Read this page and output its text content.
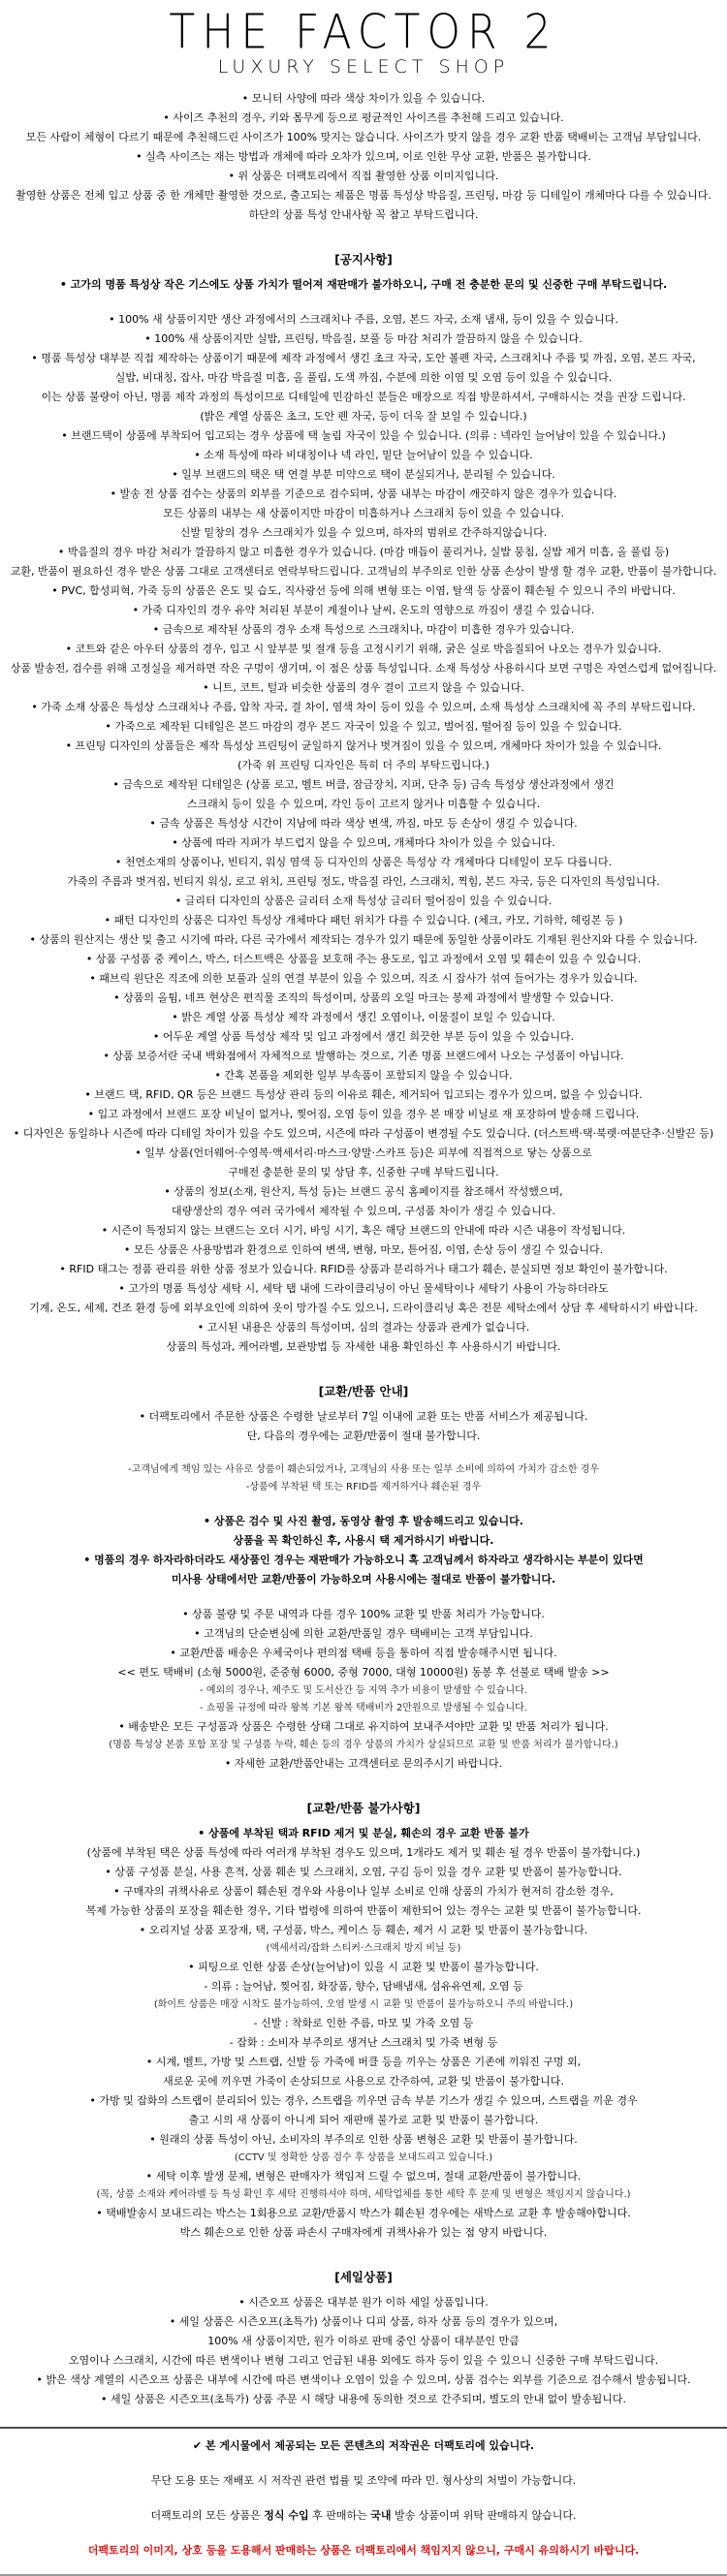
THE FACTOR 2
LUXURY SELECT SHOP
• 모니터 사양에 따라 색상 차이가 있을 수 있습니다.
• 사이즈 추천의 경우, 키와 몸무게 등으로 평균적인 사이즈를 추천해 드리고 있습니다.
모든 사람이 체형이 다르기 때문에 추천해드린 사이즈가 100% 맞지는 않습니다. 사이즈가 맞지 않을 경우 교환 반품 택배비는 고객님 부담입니다.
• 실측 사이즈는 재는 방법과 개체에 따라 오차가 있으며, 이로 인한 무상 교환, 반품은 불가합니다.
• 위 상품은 더팩토리에서 직접 촬영한 상품 이미지입니다.
촬영한 상품은 전체 입고 상품 중 한 개체만 촬영한 것으로, 출고되는 제품은 명품 특성상 박음질, 프린팅, 마감 등 디테일이 개체마다 다를 수 있습니다.
하단의 상품 특성 안내사항 꼭 참고 부탁드립니다.
[공지사항]
• 고가의 명품 특성상 작은 기스에도 상품 가치가 떨어져 재판매가 불가하오니, 구매 전 충분한 문의 및 신중한 구매 부탁드립니다.
• 100% 새 상품이지만 생산 과정에서의 스크래치나 주름, 오염, 본드 자국, 소재 냄새, 등이 있을 수 있습니다.
• 100% 새 상품이지만 실밥, 프린팅, 박음질, 보풀 등 마감 처리가 깔끔하지 않을 수 있습니다.
• 명품 특성상 대부분 직접 제작하는 상품이기 때문에 제작 과정에서 생긴 초크 자국, 도안 볼펜 자국, 스크래치나 주름 및 까짐, 오염, 본드 자국,
실밥, 비대칭, 잡사, 마감 박음질 미흡, 올 풀림, 도색 까짐, 수분에 의한 이염 및 오염 등이 있을 수 있습니다.
이는 상품 불량이 아닌, 명품 제작 과정의 특성이므로 디테일에 민감하신 분들은 매장으로 직접 방문하셔서, 구매하시는 것을 권장 드립니다.
(밝은 계열 상품은 초크, 도안 펜 자국, 등이 더욱 잘 보일 수 있습니다.)
• 브랜드택이 상품에 부착되어 입고되는 경우 상품에 택 눌림 자국이 있을 수 있습니다. (의류 : 넥라인 늘어남이 있을 수 있습니다.)
• 소재 특성에 따라 비대칭이나 넥 라인, 밑단 늘어남이 있을 수 있습니다.
• 일부 브랜드의 택은 택 연결 부분 미약으로 택이 분실되거나, 분리될 수 있습니다.
• 발송 전 상품 검수는 상품의 외부를 기준으로 검수되며, 상품 내부는 마감이 깨끗하지 않은 경우가 있습니다.
모든 상품의 내부는 새 상품이지만 마감이 미흡하거나 스크래치 등이 있을 수 있습니다.
신발 밑창의 경우 스크래치가 있을 수 있으며, 하자의 범위로 간주하지않습니다.
• 박음질의 경우 마감 처리가 깔끔하지 않고 미흡한 경우가 있습니다. (마감 매듭이 풀리거나, 실밥 뭉침, 실밥 제거 미흡, 올 풀림 등)
교환, 반품이 필요하신 경우 받은 상품 그대로 고객센터로 연락부탁드립니다. 고객님의 부주의로 인한 상품 손상이 발생 할 경우 교환, 반품이 불가합니다.
• PVC, 합성피혁, 가죽 등의 상품은 온도 및 습도, 직사광선 등에 의해 변형 또는 이염, 탈색 등 상품이 훼손될 수 있으니 주의 바랍니다.
• 가죽 디자인의 경우 유약 처리된 부분이 계절이나 날씨, 온도의 영향으로 까짐이 생길 수 있습니다.
• 금속으로 제작된 상품의 경우 소재 특성으로 스크래치나, 마감이 미흡한 경우가 있습니다.
• 코트와 같은 아우터 상품의 경우, 입고 시 앞부분 및 절개 등을 고정시키기 위해, 굵은 실로 박음질되어 나오는 경우가 있습니다.
상품 발송전, 검수를 위해 고정실을 제거하면 작은 구멍이 생기며, 이 점은 상품 특성입니다. 소재 특성상 사용하시다 보면 구멍은 자연스럽게 없어집니다.
• 니트, 코트, 털과 비슷한 상품의 경우 결이 고르지 않을 수 있습니다.
• 가죽 소재 상품은 특성상 스크래치나 주름, 압착 자국, 결 차이, 염색 차이 등이 있을 수 있으며, 소재 특성상 스크래치에 꼭 주의 부탁드립니다.
• 가죽으로 제작된 디테일은 본드 마감의 경우 본드 자국이 있을 수 있고, 벌어짐, 떨어짐 등이 있을 수 있습니다.
• 프린팅 디자인의 상품들은 제작 특성상 프린팅이 균일하지 않거나 벗겨짐이 있을 수 있으며, 개체마다 차이가 있을 수 있습니다.
(가죽 위 프린팅 디자인은 특히 더 주의 부탁드립니다.)
• 금속으로 제작된 디테일은 (상품 로고, 벨트 버클, 잠금장치, 지퍼, 단추 등) 금속 특성상 생산과정에서 생긴
스크래치 등이 있을 수 있으며, 각인 등이 고르지 않거나 미흡할 수 있습니다.
• 금속 상품은 특성상 시간이 지남에 따라 색상 변색, 까짐, 마모 등 손상이 생길 수 있습니다.
• 상품에 따라 지퍼가 부드럽지 않을 수 있으며, 개체마다 차이가 있을 수 있습니다.
• 천연소재의 상품이나, 빈티지, 워싱 염색 등 디자인의 상품은 특성상 각 개체마다 디테일이 모두 다릅니다.
가죽의 주름과 벗겨짐, 빈티지 워싱, 로고 위치, 프린팅 정도, 박음질 라인, 스크래치, 찍힘, 본드 자국, 등은 디자인의 특성입니다.
• 글리터 디자인의 상품은 글리터 소재 특성상 글리터 떨어짐이 있을 수 있습니다.
• 패턴 디자인의 상품은 디자인 특성상 개체마다 패턴 위치가 다를 수 있습니다. (체크, 카모, 기하학, 헤링본 등 )
• 상품의 원산지는 생산 및 출고 시기에 따라, 다른 국가에서 제작되는 경우가 있기 때문에 동일한 상품이라도 기재된 원산지와 다를 수 있습니다.
• 상품 구성품 중 케이스, 박스, 더스트백은 상품을 보호해 주는 용도로, 입고 과정에서 오염 및 훼손이 있을 수 있습니다.
• 패브릭 원단은 직조에 의한 보풀과 실의 연결 부분이 있을 수 있으며, 직조 시 잡사가 섞여 들어가는 경우가 있습니다.
• 상품의 올튐, 네프 현상은 편직물 조직의 특성이며, 상품의 오일 마크는 봉제 과정에서 발생할 수 있습니다.
• 밝은 계열 상품 특성상 제작 과정에서 생긴 오염이나, 이물질이 보일 수 있습니다.
• 어두운 계열 상품 특성상 제작 및 입고 과정에서 생긴 희끗한 부분 등이 있을 수 있습니다.
• 상품 보증서란 국내 백화점에서 자체적으로 발행하는 것으로, 기존 명품 브랜드에서 나오는 구성품이 아닙니다.
• 간혹 본품을 제외한 일부 부속품이 포함되지 않을 수 있습니다.
• 브랜드 택, RFID, QR 등은 브랜드 특성상 관리 등의 이유로 훼손, 제거되어 입고되는 경우가 있으며, 없을 수 있습니다.
• 입고 과정에서 브랜드 포장 비닐이 없거나, 찢어짐, 오염 등이 있을 경우 본 매장 비닐로 재 포장하여 발송해 드립니다.
• 디자인은 동일하나 시즌에 따라 디테일 차이가 있을 수도 있으며, 시즌에 따라 구성품이 변경될 수도 있습니다. (더스트백·택·북렛·여분단추·신발끈 등)
• 일부 상품(언더웨어·수영복·액세서리·마스크·양말·스카프 등)은 피부에 직접적으로 닿는 상품으로
구매전 충분한 문의 및 상담 후, 신중한 구매 부탁드립니다.
• 상품의 정보(소재, 원산지, 특성 등)는 브랜드 공식 홈페이지를 참조해서 작성했으며,
대량생산의 경우 여러 국가에서 제작될 수 있으며, 구성품 차이가 생길 수 있습니다.
• 시즌이 특정되지 않는 브랜드는 오더 시기, 바잉 시기, 혹은 해당 브랜드의 안내에 따라 시즌 내용이 작성됩니다.
• 모든 상품은 사용방법과 환경으로 인하여 변색, 변형, 마모, 튿어짐, 이염, 손상 등이 생길 수 있습니다.
• RFID 태그는 정품 관리를 위한 상품 정보가 있습니다. RFID를 상품과 분리하거나 태그가 훼손, 분실되면 정보 확인이 불가합니다.
• 고가의 명품 특성상 세탁 시, 세탁 탭 내에 드라이클리닝이 아닌 물세탁이나 세탁기 사용이 가능하더라도
기계, 온도, 세제, 건조 환경 등에 외부요인에 의하여 옷이 망가질 수도 있으니, 드라이클리닝 혹은 전문 세탁소에서 상담 후 세탁하시기 바랍니다.
• 고시된 내용은 상품의 특성이며, 심의 결과는 상품과 관계가 없습니다.
상품의 특성과, 케어라벨, 보관방법 등 자세한 내용 확인하신 후 사용하시기 바랍니다.
[교환/반품 안내]
• 더팩토리에서 주문한 상품은 수령한 날로부터 7일 이내에 교환 또는 반품 서비스가 제공됩니다.
단, 다음의 경우에는 교환/반품이 절대 불가합니다.
-고객님에게 책임 있는 사유로 상품이 훼손되었거나, 고객님의 사용 또는 일부 소비에 의하여 가치가 감소한 경우
-상품에 부착된 택 또는 RFID를 제거하거나 훼손된 경우
• 상품은 검수 및 사진 촬영, 동영상 촬영 후 발송해드리고 있습니다.
상품을 꼭 확인하신 후, 사용시 택 제거하시기 바랍니다.
• 명품의 경우 하자라하더라도 새상품인 경우는 재판매가 가능하오니 혹 고객님께서 하자라고 생각하시는 부분이 있다면
미사용 상태에서만 교환/반품이 가능하오며 사용시에는 절대로 반품이 불가합니다.
• 상품 불량 및 주문 내역과 다를 경우 100% 교환 및 반품 처리가 가능합니다.
• 고객님의 단순변심에 의한 교환/반품일 경우 택배비는 고객 부담입니다.
• 교환/반품 배송은 우체국이나 편의점 택배 등을 통하여 직접 발송해주시면 됩니다.
<< 편도 택배비 (소형 5000원, 준중형 6000, 중형 7000, 대형 10000원) 동봉 후 선불로 택배 발송 >>
- 예외의 경우나, 제주도 및 도서산간 등 지역 추가 비용이 발생할 수 있습니다.
- 쇼핑몰 규정에 따라 왕복 기본 왕복 택배비가 2만원으로 발생될 수 있습니다.
• 배송받은 모든 구성품과 상품은 수령한 상태 그대로 유지하여 보내주셔야만 교환 및 반품 처리가 됩니다.
(명품 특성상 본품 포함 포장 및 구성품 누락, 훼손 등의 경우 상품의 가치가 상실되므로 교환 및 반품 처리가 불가합니다.)
• 자세한 교환/반품안내는 고객센터로 문의주시기 바랍니다.
[교환/반품 불가사항]
• 상품에 부착된 택과 RFID 제거 및 분실, 훼손의 경우 교환 반품 불가
(상품에 부착된 택은 상품 특성에 따라 여러개 부착된 경우도 있으며, 1개라도 제거 및 훼손 될 경우 반품이 불가합니다.)
• 상품 구성품 분실, 사용 흔적, 상품 훼손 및 스크래치, 오염, 구김 등이 있을 경우 교환 및 반품이 불가능합니다.
• 구매자의 귀책사유로 상품이 훼손된 경우와 사용이나 일부 소비로 인해 상품의 가치가 현저히 감소한 경우,
복제 가능한 상품의 포장을 훼손한 경우, 기타 법령에 의하여 반품이 제한되어 있는 경우는 교환 및 반품이 불가능합니다.
• 오리지널 상품 포장재, 택, 구성품, 박스, 케이스 등 훼손, 제거 시 교환 및 반품이 불가능합니다.
(액세서리/잡화 스티커·스크래치 방지 비닐 등)
• 피팅으로 인한 상품 손상(늘어남)이 있을 시 교환 및 반품이 불가능합니다.
- 의류 : 늘어남, 찢어짐, 화장품, 향수, 담배냄새, 섬유유연제, 오염 등
(화이트 상품은 매장 시착도 불가능하여, 오염 발생 시 교환 및 반품이 불가능하오니 주의 바랍니다.)
- 신발 : 착화로 인한 주름, 마모 및 가죽 오염 등
- 잡화 : 소비자 부주의로 생겨난 스크래치 및 가죽 변형 등
• 시계, 벨트, 가방 및 스트랩, 신발 등 가죽에 버클 등을 끼우는 상품은 기존에 끼워진 구멍 외,
새로운 곳에 끼우면 가죽이 손상되므로 사용으로 간주하여, 교환 및 반품이 불가합니다.
• 가방 및 잡화의 스트랩이 분리되어 있는 경우, 스트랩을 끼우면 금속 부분 기스가 생길 수 있으며, 스트랩을 끼운 경우
출고 시의 새 상품이 아니게 되어 재판매 불가로 교환 및 반품이 불가합니다.
• 원래의 상품 특성이 아닌, 소비자의 부주의로 인한 상품 변형은 교환 및 반품이 불가합니다.
(CCTV 및 정확한 상품 검수 후 상품을 보내드리고 있습니다.)
• 세탁 이후 발생 문제, 변형은 판매자가 책임져 드릴 수 없으며, 절대 교환/반품이 불가합니다.
(꼭, 상품 소재와 케어라벨 등 특성 확인 후 세탁 진행하셔야 하며, 세탁업체를 통한 세탁 후 문제 및 변형은 책임지지 않습니다.)
• 택배발송시 보내드리는 박스는 1회용으로 교환/반품시 박스가 훼손된 경우에는 새박스로 교환 후 발송해야합니다.
박스 훼손으로 인한 상품 파손시 구매자에게 귀책사유가 있는 점 양지 바랍니다.
[세일상품]
• 시즌오프 상품은 대부분 원가 이하 세일 상품입니다.
• 세일 상품은 시즌오프(초특가) 상품이나 디피 상품, 하자 상품 등의 경우가 있으며,
100% 새 상품이지만, 원가 이하로 판매 중인 상품이 대부분인 만큼
오염이나 스크래치, 시간에 따른 변색이나 변형 그리고 언급된 내용 외에도 하자 등이 있을 수 있으니 신중한 구매 부탁드립니다.
• 밝은 색상 계열의 시즌오프 상품은 내부에 시간에 따른 변색이나 오염이 있을 수 있으며, 상품 검수는 외부를 기준으로 검수해서 발송됩니다.
• 세일 상품은 시즌오프(초특가) 상품 주문 시 해당 내용에 동의한 것으로 간주되며, 별도의 안내 없이 발송됩니다.
✔ 본 게시물에서 제공되는 모든 콘텐츠의 저작권은 더팩토리에 있습니다.
무단 도용 또는 재배포 시 저작권 관련 법률 및 조약에 따라 민. 형사상의 처벌이 가능합니다.
더팩토리의 모든 상품은 정식 수입 후 판매하는 국내 발송 상품이며 위탁 판매하지 않습니다.
더팩토리의 이미지, 상호 등을 도용해서 판매하는 상품은 더팩토리에서 책임지지 않으니, 구매시 유의하시기 바랍니다.
